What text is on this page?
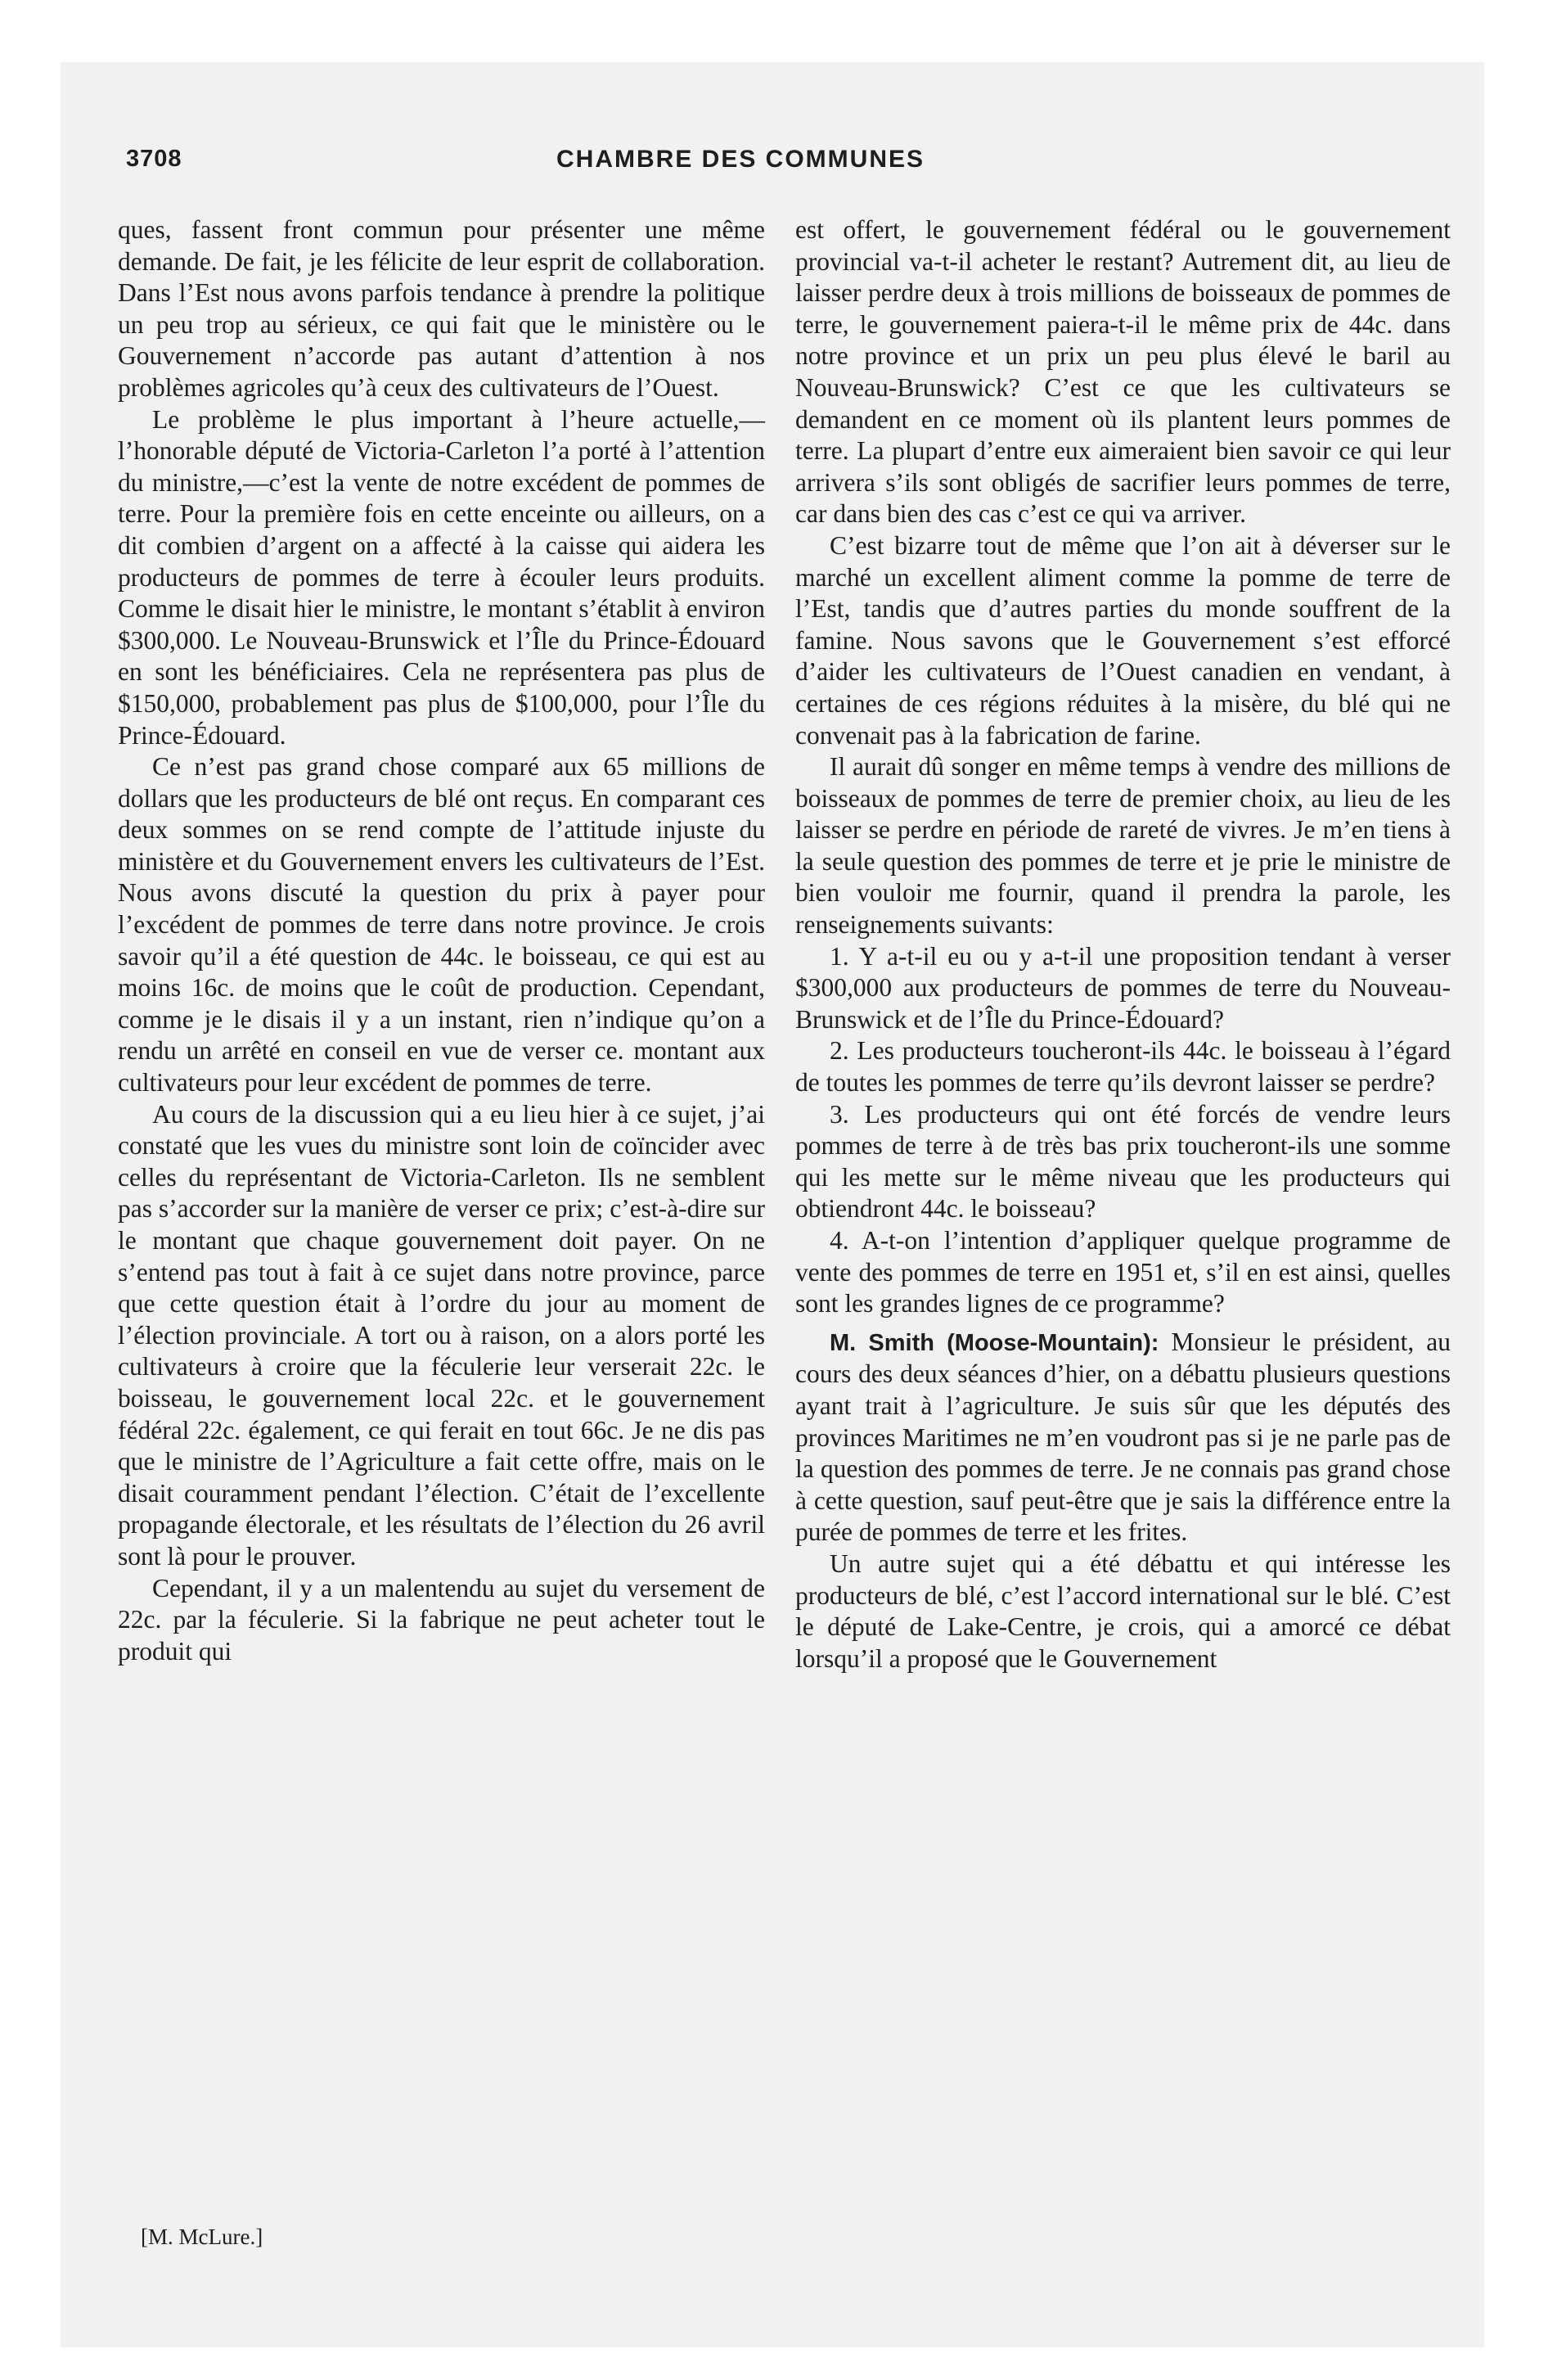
3708	CHAMBRE DES COMMUNES

ques, fassent front commun pour présenter une même demande. De fait, je les félicite de leur esprit de collaboration. Dans l’Est nous avons parfois tendance à prendre la politique un peu trop au sérieux, ce qui fait que le ministère ou le Gouvernement n’accorde pas autant d’attention à nos problèmes agricoles qu’à ceux des cultivateurs de l’Ouest.

Le problème le plus important à l’heure actuelle,—l’honorable député de Victoria-Carleton l’a porté à l’attention du ministre,—c’est la vente de notre excédent de pommes de terre. Pour la première fois en cette enceinte ou ailleurs, on a dit combien d’argent on a affecté à la caisse qui aidera les producteurs de pommes de terre à écouler leurs produits. Comme le disait hier le ministre, le montant s’établit à environ $300,000. Le Nouveau-Brunswick et l’Île du Prince-Édouard en sont les bénéficiaires. Cela ne représentera pas plus de $150,000, probablement pas plus de $100,000, pour l’Île du Prince-Édouard.

Ce n’est pas grand chose comparé aux 65 millions de dollars que les producteurs de blé ont reçus. En comparant ces deux sommes on se rend compte de l’attitude injuste du ministère et du Gouvernement envers les cultivateurs de l’Est. Nous avons discuté la question du prix à payer pour l’excédent de pommes de terre dans notre province. Je crois savoir qu’il a été question de 44c. le boisseau, ce qui est au moins 16c. de moins que le coût de production. Cependant, comme je le disais il y a un instant, rien n’indique qu’on a rendu un arrêté en conseil en vue de verser ce. montant aux cultivateurs pour leur excédent de pommes de terre.

Au cours de la discussion qui a eu lieu hier à ce sujet, j’ai constaté que les vues du ministre sont loin de coïncider avec celles du représentant de Victoria-Carleton. Ils ne semblent pas s’accorder sur la manière de verser ce prix; c’est-à-dire sur le montant que chaque gouvernement doit payer. On ne s’entend pas tout à fait à ce sujet dans notre province, parce que cette question était à l’ordre du jour au moment de l’élection provinciale. A tort ou à raison, on a alors porté les cultivateurs à croire que la féculerie leur verserait 22c. le boisseau, le gouvernement local 22c. et le gouvernement fédéral 22c. également, ce qui ferait en tout 66c. Je ne dis pas que le ministre de l’Agriculture a fait cette offre, mais on le disait couramment pendant l’élection. C’était de l’excellente propagande électorale, et les résultats de l’élection du 26 avril sont là pour le prouver.

Cependant, il y a un malentendu au sujet du versement de 22c. par la féculerie. Si la fabrique ne peut acheter tout le produit qui

[M. McLure.]

est offert, le gouvernement fédéral ou le gouvernement provincial va-t-il acheter le restant? Autrement dit, au lieu de laisser perdre deux à trois millions de boisseaux de pommes de terre, le gouvernement paiera-t-il le même prix de 44c. dans notre province et un prix un peu plus élevé le baril au Nouveau-Brunswick? C’est ce que les cultivateurs se demandent en ce moment où ils plantent leurs pommes de terre. La plupart d’entre eux aimeraient bien savoir ce qui leur arrivera s’ils sont obligés de sacrifier leurs pommes de terre, car dans bien des cas c’est ce qui va arriver.

C’est bizarre tout de même que l’on ait à déverser sur le marché un excellent aliment comme la pomme de terre de l’Est, tandis que d’autres parties du monde souffrent de la famine. Nous savons que le Gouvernement s’est efforcé d’aider les cultivateurs de l’Ouest canadien en vendant, à certaines de ces régions réduites à la misère, du blé qui ne convenait pas à la fabrication de farine.

Il aurait dû songer en même temps à vendre des millions de boisseaux de pommes de terre de premier choix, au lieu de les laisser se perdre en période de rareté de vivres. Je m’en tiens à la seule question des pommes de terre et je prie le ministre de bien vouloir me fournir, quand il prendra la parole, les renseignements suivants:

1. Y a-t-il eu ou y a-t-il une proposition tendant à verser $300,000 aux producteurs de pommes de terre du Nouveau-Brunswick et de l’Île du Prince-Édouard?

2. Les producteurs toucheront-ils 44c. le boisseau à l’égard de toutes les pommes de terre qu’ils devront laisser se perdre?

3. Les producteurs qui ont été forcés de vendre leurs pommes de terre à de très bas prix toucheront-ils une somme qui les mette sur le même niveau que les producteurs qui obtiendront 44c. le boisseau?

4. A-t-on l’intention d’appliquer quelque programme de vente des pommes de terre en 1951 et, s’il en est ainsi, quelles sont les grandes lignes de ce programme?

M. Smith (Moose-Mountain): Monsieur le président, au cours des deux séances d’hier, on a débattu plusieurs questions ayant trait à l’agriculture. Je suis sûr que les députés des provinces Maritimes ne m’en voudront pas si je ne parle pas de la question des pommes de terre. Je ne connais pas grand chose à cette question, sauf peut-être que je sais la différence entre la purée de pommes de terre et les frites.

Un autre sujet qui a été débattu et qui intéresse les producteurs de blé, c’est l’accord international sur le blé. C’est le député de Lake-Centre, je crois, qui a amorcé ce débat lorsqu’il a proposé que le Gouvernement
